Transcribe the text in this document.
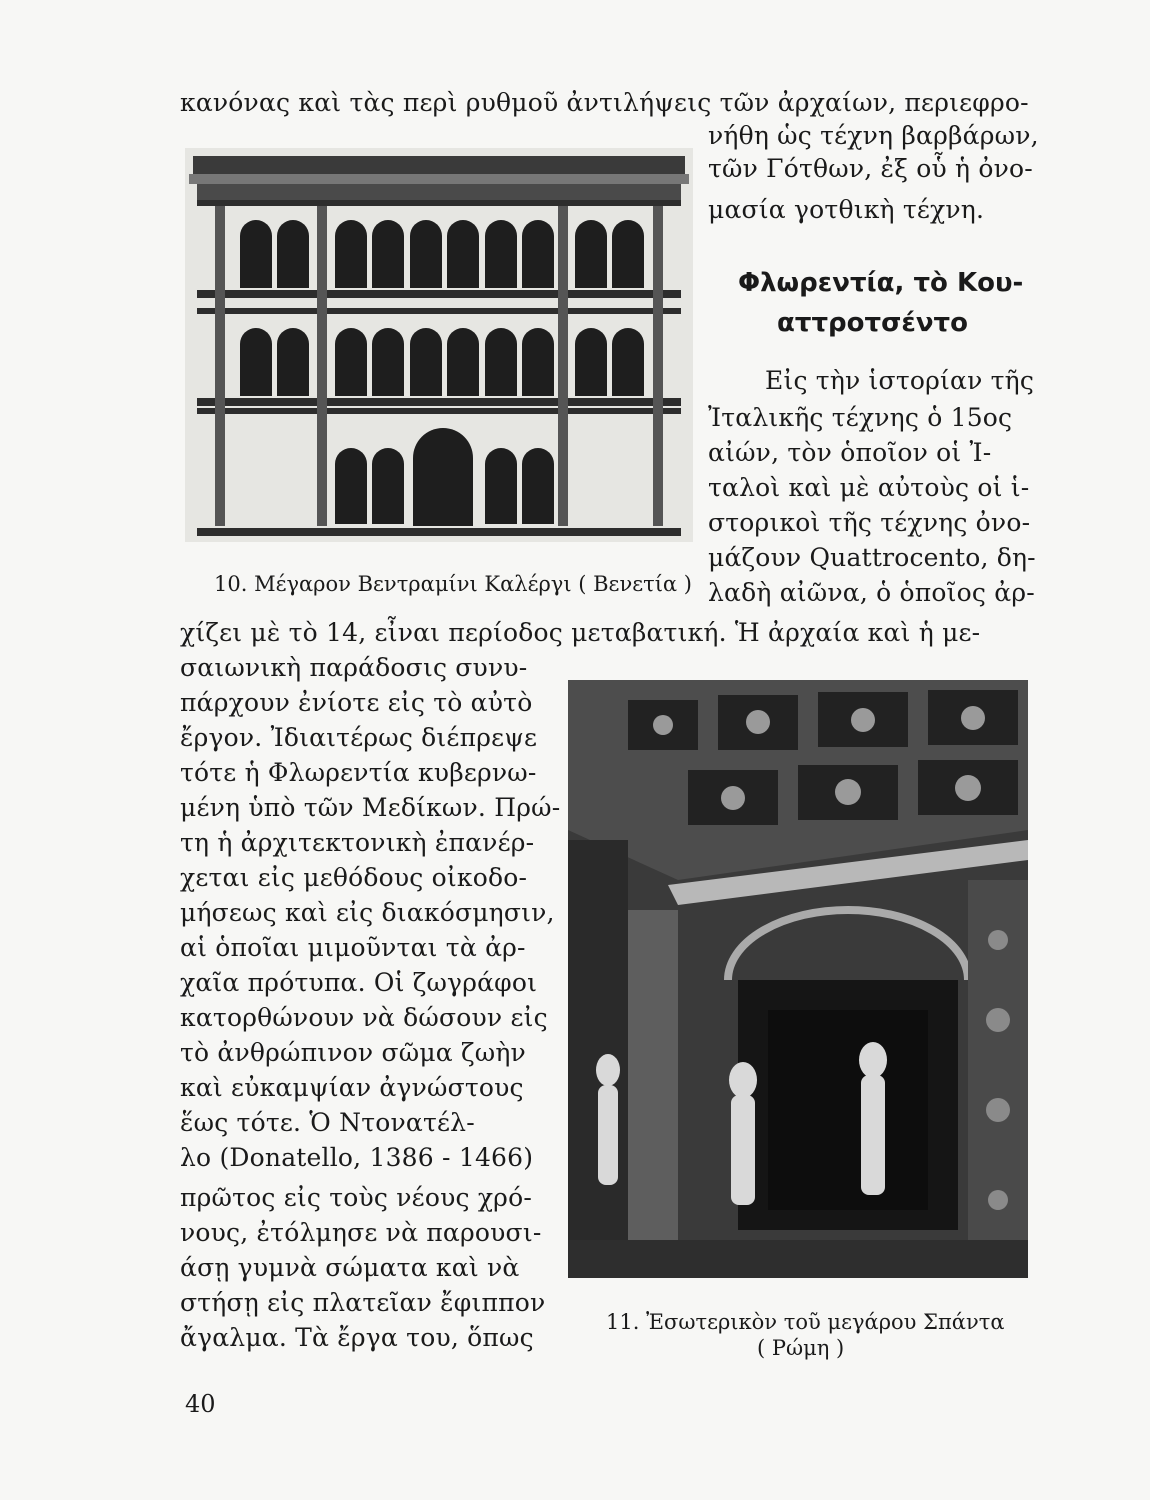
κανόνας καὶ τὰς περὶ ρυθμοῦ ἀντιλήψεις τῶν ἀρχαίων, περιεφρο-
νήθη ὡς τέχνη βαρβάρων,
τῶν Γότθων, ἐξ οὗ ἡ ὀνο-
μασία γοτθικὴ τέχνη.
Φλωρεντία, τὸ Κου-
αττροτσέντο
Εἰς τὴν ἱστορίαν τῆς
Ἰταλικῆς τέχνης ὁ 15ος
αἰών, τὸν ὁποῖον οἱ Ἰ-
ταλοὶ καὶ μὲ αὐτοὺς οἱ ἱ-
στορικοὶ τῆς τέχνης ὀνο-
μάζουν Quattrocento, δη-
λαδὴ αἰῶνα, ὁ ὁποῖος ἀρ-
10. Μέγαρον Βεντραμίνι Καλέργι ( Βενετία )
χίζει μὲ τὸ 14, εἶναι περίοδος μεταβατική. Ἡ ἀρχαία καὶ ἡ με-
σαιωνικὴ παράδοσις συνυ-
πάρχουν ἐνίοτε εἰς τὸ αὐτὸ
ἔργον. Ἰδιαιτέρως διέπρεψε
τότε ἡ Φλωρεντία κυβερνω-
μένη ὑπὸ τῶν Μεδίκων. Πρώ-
τη ἡ ἀρχιτεκτονικὴ ἐπανέρ-
χεται εἰς μεθόδους οἰκοδο-
μήσεως καὶ εἰς διακόσμησιν,
αἱ ὁποῖαι μιμοῦνται τὰ ἀρ-
χαῖα πρότυπα. Οἱ ζωγράφοι
κατορθώνουν νὰ δώσουν εἰς
τὸ ἀνθρώπινον σῶμα ζωὴν
καὶ εὐκαμψίαν ἀγνώστους
ἕως τότε. Ὁ Ντονατέλ-
λο (Donatello, 1386 - 1466)
πρῶτος εἰς τοὺς νέους χρό-
νους, ἐτόλμησε νὰ παρουσι-
άσῃ γυμνὰ σώματα καὶ νὰ
στήσῃ εἰς πλατεῖαν ἔφιππον
ἄγαλμα. Τὰ ἔργα του, ὅπως
11. Ἐσωτερικὸν τοῦ μεγάρου Σπάντα
( Ρώμη )
40
